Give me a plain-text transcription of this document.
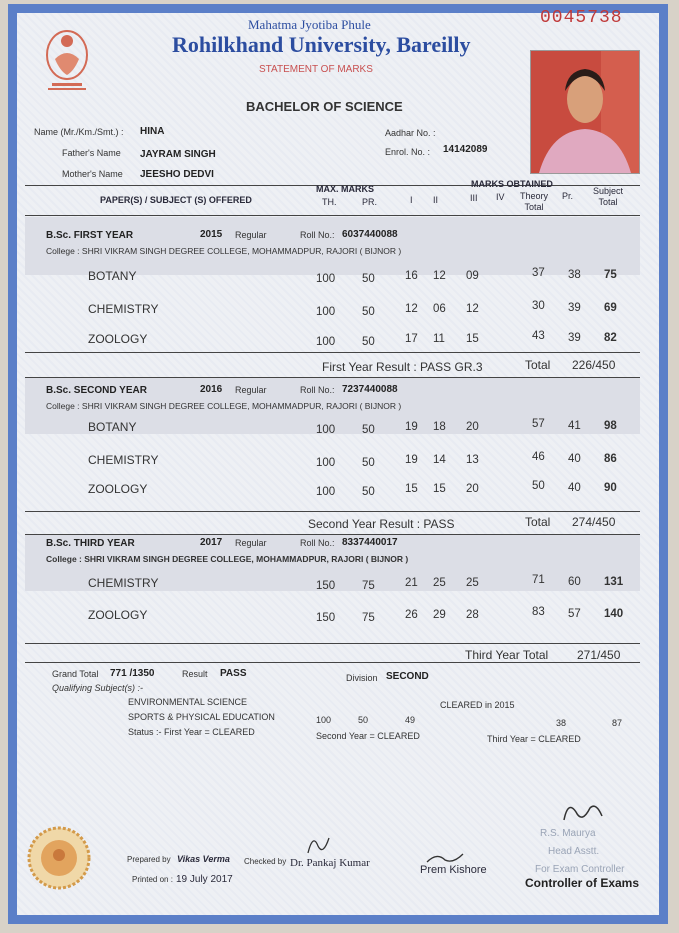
0045738
Mahatma Jyotiba Phule
Rohilkhand University, Bareilly
STATEMENT OF MARKS
BACHELOR OF SCIENCE
Name (Mr./Km./Smt.) : HINA
Father's Name JAYRAM SINGH
Mother's Name JEESHO DEDVI
Aadhar No. :
Enrol. No. : 14142089
PAPER(S) / SUBJECT (S) OFFERED
MAX. MARKS
TH.	PR.
MARKS OBTAINED
I II	III IV	Theory Total
Pr.	Subject Total
B.Sc. FIRST YEAR	2015 Regular	Roll No.: 6037440088
College : SHRI VIKRAM SINGH DEGREE COLLEGE, MOHAMMADPUR, RAJORI ( BIJNOR )
BOTANY	100 50	16 12 09	37 38 75
CHEMISTRY	100 50	12 06 12	30 39 69
ZOOLOGY	100 50	17 11 15	43 39 82
First Year Result : PASS GR.3	Total 226/450
B.Sc. SECOND YEAR	2016 Regular	Roll No.: 7237440088
College : SHRI VIKRAM SINGH DEGREE COLLEGE, MOHAMMADPUR, RAJORI ( BIJNOR )
BOTANY	100 50	19 18 20	57 41 98
CHEMISTRY	100 50	19 14 13	46 40 86
ZOOLOGY	100 50	15 15 20	50 40 90
Second Year Result : PASS	Total 274/450
B.Sc. THIRD YEAR	2017 Regular	Roll No.: 8337440017
College : SHRI VIKRAM SINGH DEGREE COLLEGE, MOHAMMADPUR, RAJORI ( BIJNOR )
CHEMISTRY	150 75	21 25 25	71 60 131
ZOOLOGY	150 75	26 29 28	83 57 140
Third Year Total 271/450
Grand Total 771 /1350	Result PASS	Division SECOND
Qualifying Subject(s) :-
ENVIRONMENTAL SCIENCE	CLEARED in 2015
SPORTS & PHYSICAL EDUCATION	100	50	49	38	87
Status :- First Year = CLEARED	Second Year = CLEARED	Third Year = CLEARED
Prepared by Vikas Verma Checked by Dr. Pankaj Kumar
Printed on : 19 July 2017
Prem Kishore
R.S. Maurya
Head Asstt.
For Exam Controller
Controller of Exams
